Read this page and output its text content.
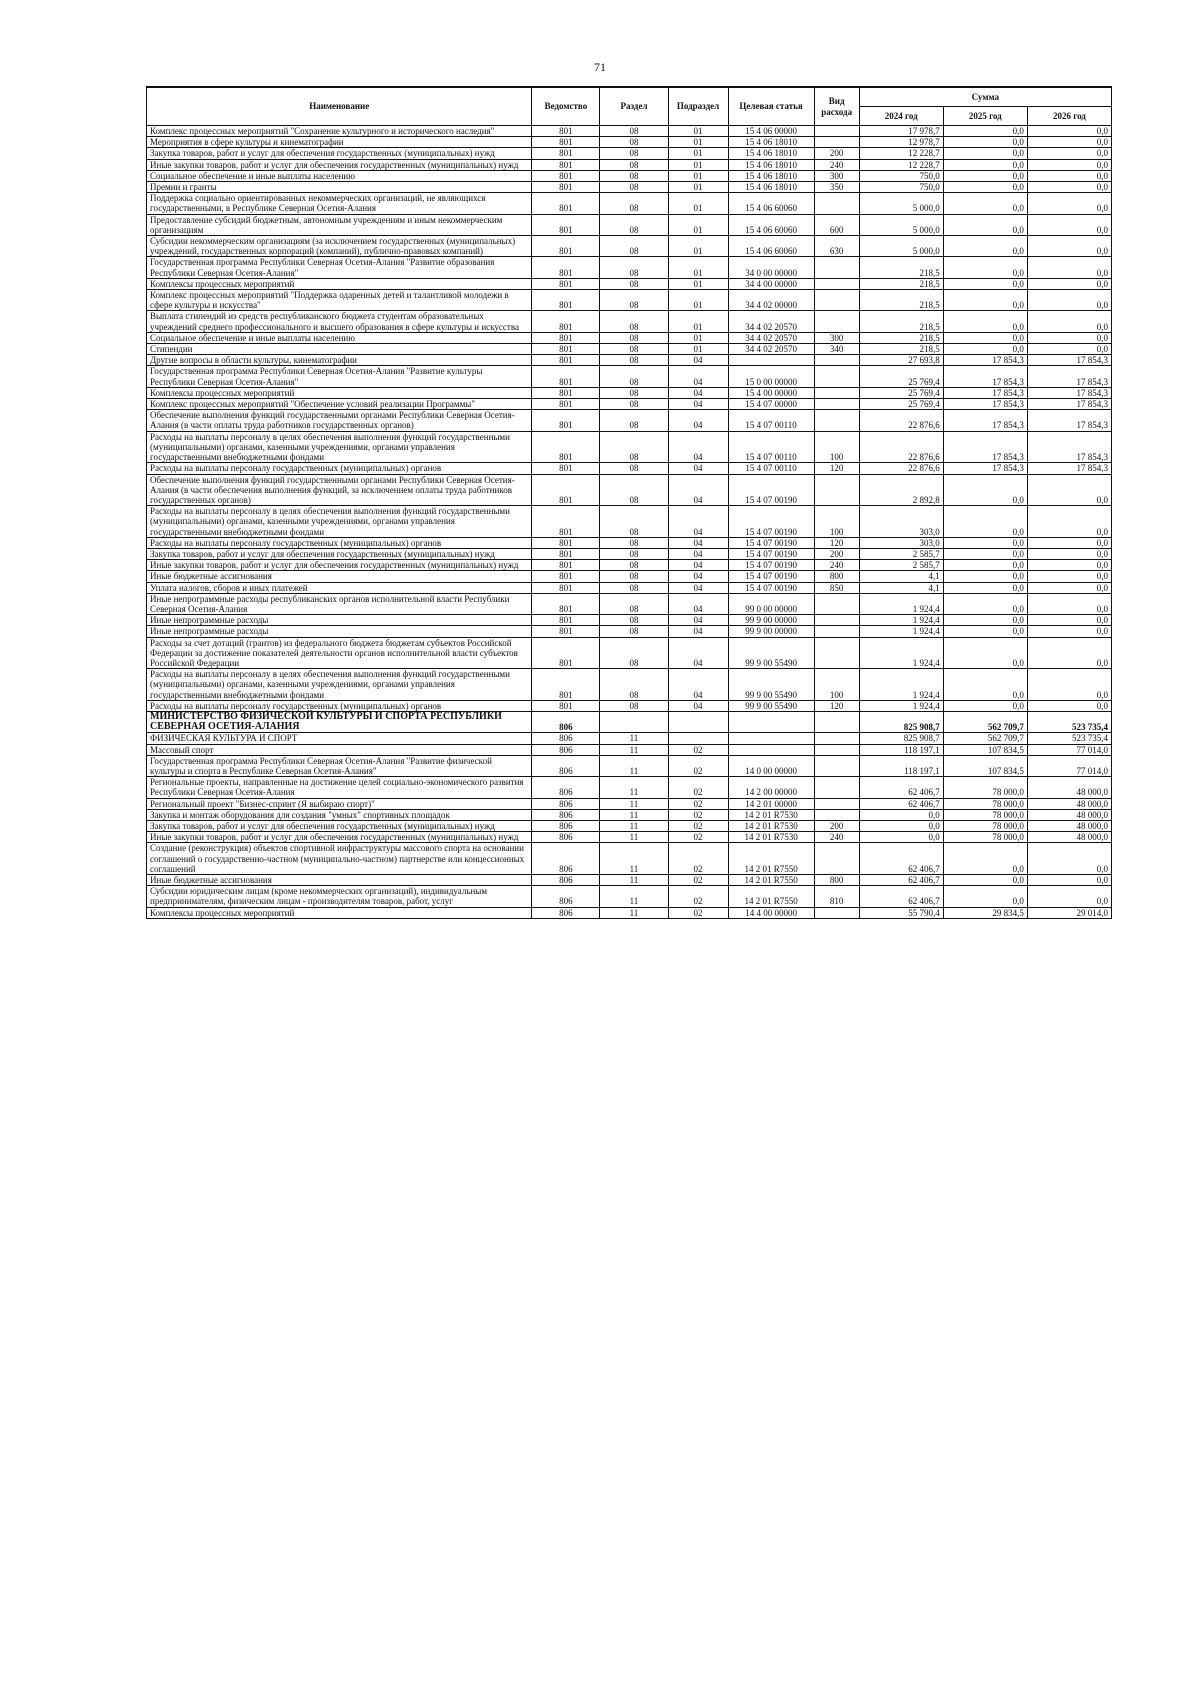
71
Наименование	Ведомство	Раздел	Подраздел	Целевая статья	Вид расхода	Сумма		
						2024 год	2025 год	2026 год
Комплекс процессных мероприятий "Сохранение культурного и исторического наследия"	801	08	01	15 4 06 00000		17 978,7	0,0	0,0
Мероприятия в сфере культуры и кинематографии	801	08	01	15 4 06 18010		12 978,7	0,0	0,0
Закупка товаров, работ и услуг для обеспечения государственных (муниципальных) нужд	801	08	01	15 4 06 18010	200	12 228,7	0,0	0,0
Иные закупки товаров, работ и услуг для обеспечения государственных (муниципальных) нужд	801	08	01	15 4 06 18010	240	12 228,7	0,0	0,0
Социальное обеспечение и иные выплаты населению	801	08	01	15 4 06 18010	300	750,0	0,0	0,0
Премии и гранты	801	08	01	15 4 06 18010	350	750,0	0,0	0,0
Поддержка социально ориентированных некоммерческих организаций, не являющихся государственными, в Республике Северная Осетия-Алания	801	08	01	15 4 06 60060		5 000,0	0,0	0,0
Предоставление субсидий бюджетным, автономным учреждениям и иным некоммерческим организациям	801	08	01	15 4 06 60060	600	5 000,0	0,0	0,0
Субсидии некоммерческим организациям (за исключением государственных (муниципальных) учреждений, государственных корпораций (компаний), публично-правовых компаний)	801	08	01	15 4 06 60060	630	5 000,0	0,0	0,0
Государственная программа Республики Северная Осетия-Алания "Развитие образования Республики Северная Осетия-Алания"	801	08	01	34 0 00 00000		218,5	0,0	0,0
Комплексы процессных мероприятий	801	08	01	34 4 00 00000		218,5	0,0	0,0
Комплекс процессных мероприятий "Поддержка одаренных детей и талантливой молодежи в сфере культуры и искусства"	801	08	01	34 4 02 00000		218,5	0,0	0,0
Выплата стипендий из средств республиканского бюджета студентам образовательных учреждений среднего профессионального и высшего образования в сфере культуры и искусства	801	08	01	34 4 02 20570		218,5	0,0	0,0
Социальное обеспечение и иные выплаты населению	801	08	01	34 4 02 20570	300	218,5	0,0	0,0
Стипендии	801	08	01	34 4 02 20570	340	218,5	0,0	0,0
Другие вопросы в области культуры, кинематографии	801	08	04			27 693,8	17 854,3	17 854,3
Государственная программа Республики Северная Осетия-Алания "Развитие культуры Республики Северная Осетия-Алания"	801	08	04	15 0 00 00000		25 769,4	17 854,3	17 854,3
Комплексы процессных мероприятий	801	08	04	15 4 00 00000		25 769,4	17 854,3	17 854,3
Комплекс процессных мероприятий "Обеспечение условий реализации Программы"	801	08	04	15 4 07 00000		25 769,4	17 854,3	17 854,3
Обеспечение выполнения функций государственными органами Республики Северная Осетия-Алания (в части оплаты труда работников государственных органов)	801	08	04	15 4 07 00110		22 876,6	17 854,3	17 854,3
Расходы на выплаты персоналу в целях обеспечения выполнения функций государственными (муниципальными) органами, казенными учреждениями, органами управления государственными внебюджетными фондами	801	08	04	15 4 07 00110	100	22 876,6	17 854,3	17 854,3
Расходы на выплаты персоналу государственных (муниципальных) органов	801	08	04	15 4 07 00110	120	22 876,6	17 854,3	17 854,3
Обеспечение выполнения функций государственными органами Республики Северная Осетия-Алания (в части обеспечения выполнения функций, за исключением оплаты труда работников государственных органов)	801	08	04	15 4 07 00190		2 892,8	0,0	0,0
Расходы на выплаты персоналу в целях обеспечения выполнения функций государственными (муниципальными) органами, казенными учреждениями, органами управления государственными внебюджетными фондами	801	08	04	15 4 07 00190	100	303,0	0,0	0,0
Расходы на выплаты персоналу государственных (муниципальных) органов	801	08	04	15 4 07 00190	120	303,0	0,0	0,0
Закупка товаров, работ и услуг для обеспечения государственных (муниципальных) нужд	801	08	04	15 4 07 00190	200	2 585,7	0,0	0,0
Иные закупки товаров, работ и услуг для обеспечения государственных (муниципальных) нужд	801	08	04	15 4 07 00190	240	2 585,7	0,0	0,0
Иные бюджетные ассигнования	801	08	04	15 4 07 00190	800	4,1	0,0	0,0
Уплата налогов, сборов и иных платежей	801	08	04	15 4 07 00190	850	4,1	0,0	0,0
Иные непрограммные расходы республиканских органов исполнительной власти Республики Северная Осетия-Алания	801	08	04	99 0 00 00000		1 924,4	0,0	0,0
Иные непрограммные расходы	801	08	04	99 9 00 00000		1 924,4	0,0	0,0
Иные непрограммные расходы	801	08	04	99 9 00 00000		1 924,4	0,0	0,0
Расходы за счет дотаций (грантов) из федерального бюджета бюджетам субъектов Российской Федерации за достижение показателей деятельности органов исполнительной власти субъектов Российской Федерации	801	08	04	99 9 00 55490		1 924,4	0,0	0,0
Расходы на выплаты персоналу в целях обеспечения выполнения функций государственными (муниципальными) органами, казенными учреждениями, органами управления государственными внебюджетными фондами	801	08	04	99 9 00 55490	100	1 924,4	0,0	0,0
Расходы на выплаты персоналу государственных (муниципальных) органов	801	08	04	99 9 00 55490	120	1 924,4	0,0	0,0
МИНИСТЕРСТВО ФИЗИЧЕСКОЙ КУЛЬТУРЫ И СПОРТА РЕСПУБЛИКИ СЕВЕРНАЯ ОСЕТИЯ-АЛАНИЯ	806					825 908,7	562 709,7	523 735,4
ФИЗИЧЕСКАЯ КУЛЬТУРА И СПОРТ	806	11				825 908,7	562 709,7	523 735,4
Массовый спорт	806	11	02			118 197,1	107 834,5	77 014,0
Государственная программа Республики Северная Осетия-Алания "Развитие физической культуры и спорта в Республике Северная Осетия-Алания"	806	11	02	14 0 00 00000		118 197,1	107 834,5	77 014,0
Региональные проекты, направленные на достижение целей социально-экономического развития Республики Северная Осетия-Алания	806	11	02	14 2 00 00000		62 406,7	78 000,0	48 000,0
Региональный проект "Бизнес-спринт (Я выбираю спорт)"	806	11	02	14 2 01 00000		62 406,7	78 000,0	48 000,0
Закупка и монтаж оборудования для создания "умных" спортивных площадок	806	11	02	14 2 01 R7530		0,0	78 000,0	48 000,0
Закупка товаров, работ и услуг для обеспечения государственных (муниципальных) нужд	806	11	02	14 2 01 R7530	200	0,0	78 000,0	48 000,0
Иные закупки товаров, работ и услуг для обеспечения государственных (муниципальных) нужд	806	11	02	14 2 01 R7530	240	0,0	78 000,0	48 000,0
Создание (реконструкция) объектов спортивной инфраструктуры массового спорта на основании соглашений о государственно-частном (муниципально-частном) партнерстве или концессионных соглашений	806	11	02	14 2 01 R7550		62 406,7	0,0	0,0
Иные бюджетные ассигнования	806	11	02	14 2 01 R7550	800	62 406,7	0,0	0,0
Субсидии юридическим лицам (кроме некоммерческих организаций), индивидуальным предпринимателям, физическим лицам - производителям товаров, работ, услуг	806	11	02	14 2 01 R7550	810	62 406,7	0,0	0,0
Комплексы процессных мероприятий	806	11	02	14 4 00 00000		55 790,4	29 834,5	29 014,0
